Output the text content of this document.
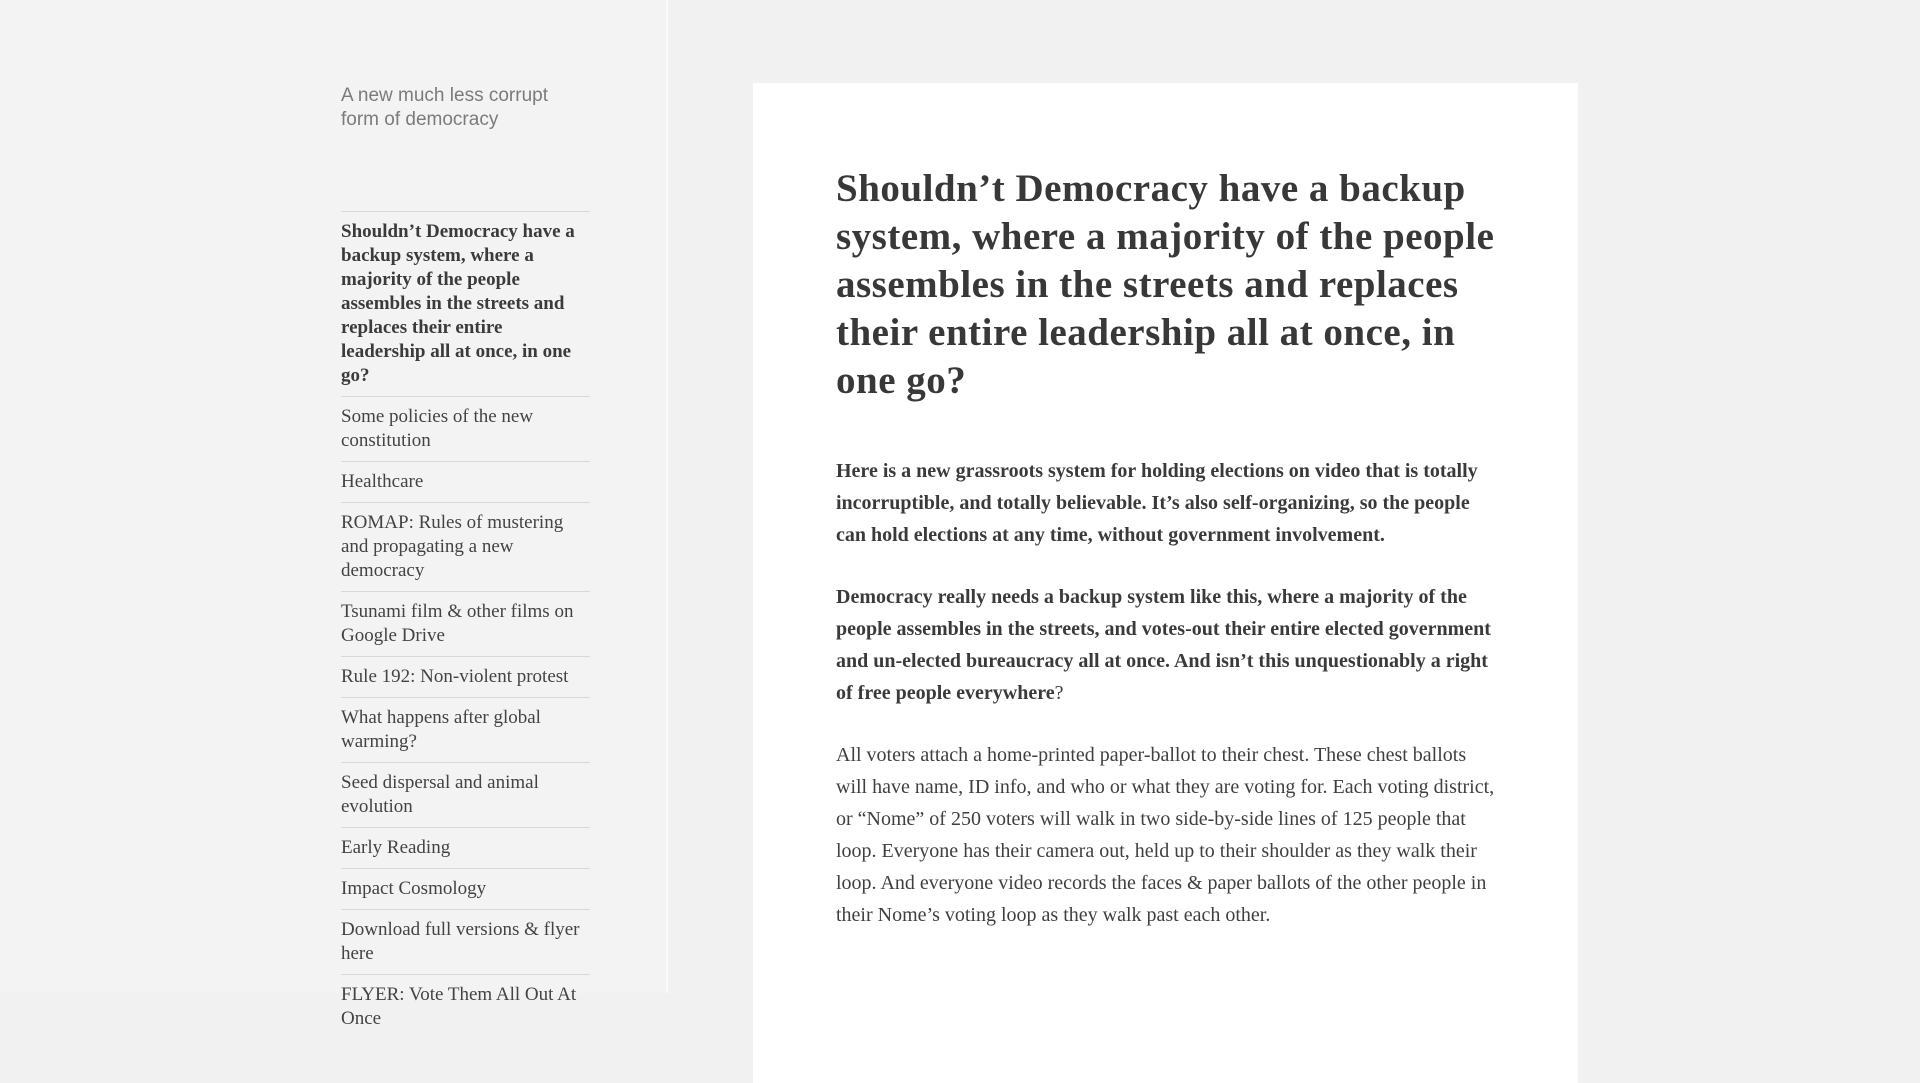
A new much less corrupt form of democracy

Shouldn’t Democracy have a backup system, where a majority of the people assembles in the streets and replaces their entire leadership all at once, in one go?
Some policies of the new constitution
Healthcare
ROMAP: Rules of mustering and propagating a new democracy
Tsunami film & other films on Google Drive
Rule 192: Non-violent protest
What happens after global warming?
Seed dispersal and animal evolution
Early Reading
Impact Cosmology
Download full versions & flyer here
FLYER: Vote Them All Out At Once
Shouldn’t Democracy have a backup system, where a majority of the people assembles in the streets and replaces their entire leadership all at once, in one go?

Here is a new grassroots system for holding elections on video that is totally incorruptible, and totally believable. It’s also self-organizing, so the people can hold elections at any time, without government involvement.

Democracy really needs a backup system like this, where a majority of the people assembles in the streets, and votes-out their entire elected government and un-elected bureaucracy all at once. And isn’t this unquestionably a right of free people everywhere?

All voters attach a home-printed paper-ballot to their chest. These chest ballots will have name, ID info, and who or what they are voting for. Each voting district, or “Nome” of 250 voters will walk in two side-by-side lines of 125 people that loop. Everyone has their camera out, held up to their shoulder as they walk their loop. And everyone video records the faces & paper ballots of the other people in their Nome’s voting loop as they walk past each other.
